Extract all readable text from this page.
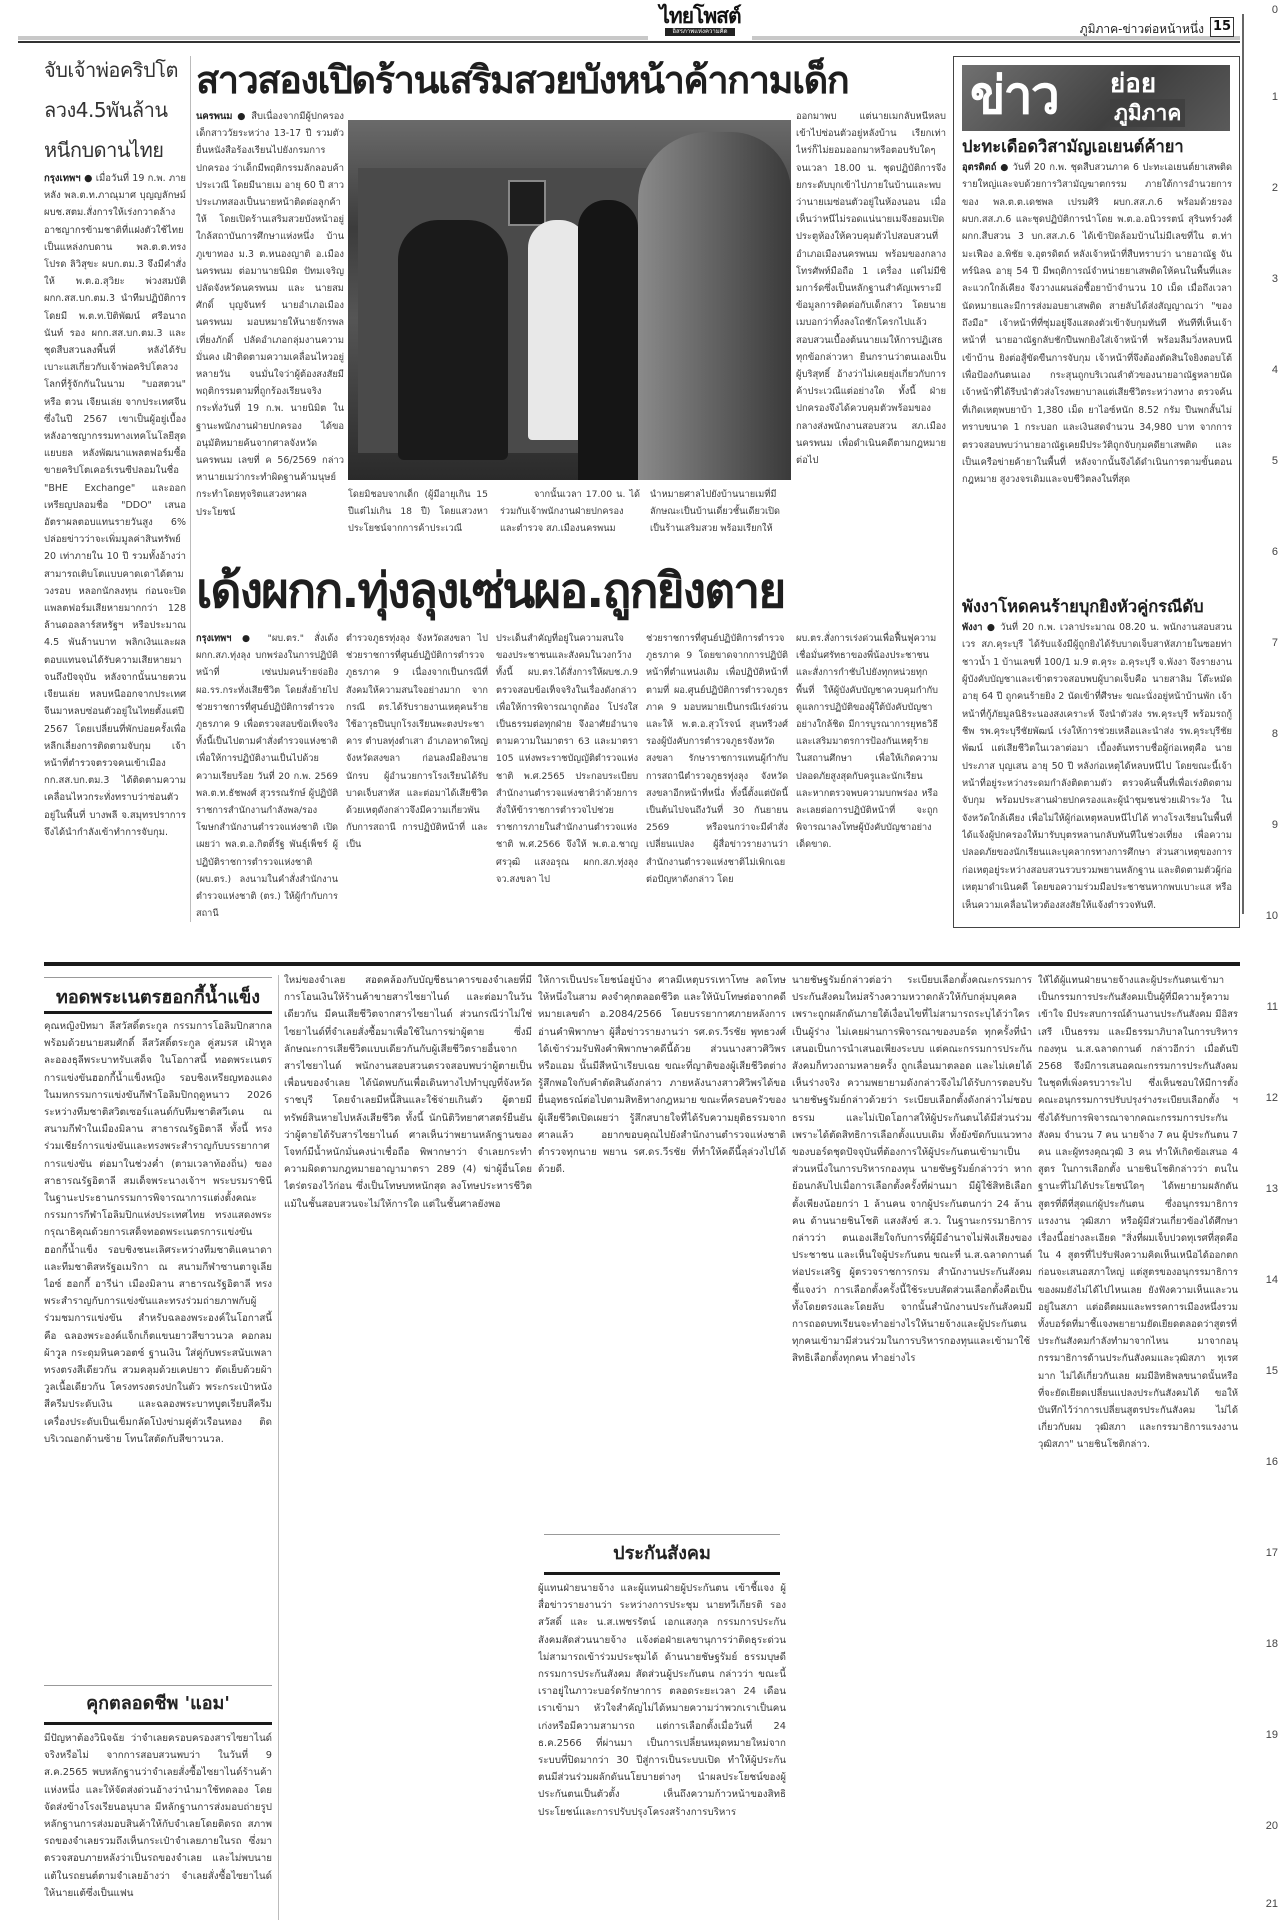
ไทยโพสต์
อิสรภาพแห่งความคิด	ภูมิภาค-ข่าวต่อหน้าหนึ่ง 15
0
1
2
3
4
5
6
7
8
9
10
11
12
13
14
15
16
17
18
19
20
21
จับเจ้าพ่อคริปโต
ลวง4.5พันล้าน
หนีกบดานไทย
กรุงเทพฯ ● เมื่อวันที่ 19 ก.พ. ภายหลัง พล.ต.ท.ภาณุมาศ บุญญลักษม์ ผบช.สตม.สั่งการให้เร่งกวาดล้างอาชญากรข้ามชาติที่แฝงตัวใช้ไทยเป็นแหล่งกบดาน พล.ต.ต.ทรงโปรด ลิวิสุขะ ผบก.ตม.3 จึงมีคำสั่งให้ พ.ต.อ.สุวิยะ พ่วงสมบัติ ผกก.สส.บก.ตม.3 นำทีมปฏิบัติการโดยมี พ.ต.ท.ปิติพัฒน์ ศรีอนาถนันท์ รอง ผกก.สส.บก.ตม.3 และชุดสืบสวนลงพื้นที่ หลังได้รับเบาะแสเกี่ยวกับเจ้าพ่อคริปโตลวงโลกที่รู้จักกันในนาม "บอสตวน" หรือ ตวน เจียนเล่ย จากประเทศจีน ซึ่งในปี 2567 เขาเป็นผู้อยู่เบื้องหลังอาชญากรรมทางเทคโนโลยีสุดแยบยล หลังพัฒนาแพลตฟอร์มซื้อขายคริปโตเคอร์เรนซีปลอมในชื่อ "BHE Exchange" และออกเหรียญปลอมชื่อ "DDO" เสนออัตราผลตอบแทนรายวันสูง 6% ปล่อยข่าวว่าจะเพิ่มมูลค่าสินทรัพย์ 20 เท่าภายใน 10 ปี รวมทั้งอ้างว่าสามารถเติบโตแบบคาดเดาได้ตามวงรอบ หลอกนักลงทุน ก่อนจะปิดแพลตฟอร์มเสียหายมากกว่า 128 ล้านดอลลาร์สหรัฐฯ หรือประมาณ 4.5 พันล้านบาท พลิกเงินและผลตอบแทนจนได้รับความเสียหายมาจนถึงปัจจุบัน หลังจากนั้นนายตวน เจียนเล่ย หลบหนีออกจากประเทศจีนมาหลบซ่อนตัวอยู่ในไทยตั้งแต่ปี 2567 โดยเปลี่ยนที่พักบ่อยครั้งเพื่อหลีกเลี่ยงการติดตามจับกุม เจ้าหน้าที่ตำรวจตรวจคนเข้าเมือง กก.สส.บก.ตม.3 ได้ติดตามความเคลื่อนไหวกระทั่งทราบว่าซ่อนตัวอยู่ในพื้นที่ บางพลี จ.สมุทรปราการ จึงได้นำกำลังเข้าทำการจับกุม.
สาวสองเปิดร้านเสริมสวยบังหน้าค้ากามเด็ก
นครพนม ● สืบเนื่องจากมีผู้ปกครองเด็กสาววัยระหว่าง 13-17 ปี รวมตัวยื่นหนังสือร้องเรียนไปยังกรมการปกครอง ว่าเด็กมีพฤติกรรมลักลอบค้าประเวณี โดยมีนายเม อายุ 60 ปี สาวประเภทสองเป็นนายหน้าติดต่อลูกค้าให้ โดยเปิดร้านเสริมสวยบังหน้าอยู่ใกล้สถาบันการศึกษาแห่งหนึ่ง บ้านภูเขาทอง ม.3 ต.หนองญาติ อ.เมืองนครพนม ต่อมานายนิมิต ปัทมเจริญ ปลัดจังหวัดนครพนม และ นายสมศักดิ์ บุญจันทร์ นายอำเภอเมืองนครพนม มอบหมายให้นายจักรพล เที่ยงภักดิ์ ปลัดอำเภอกลุ่มงานความมั่นคง เฝ้าติดตามความเคลื่อนไหวอยู่หลายวัน จนมั่นใจว่าผู้ต้องสงสัยมีพฤติกรรมตามที่ถูกร้องเรียนจริง กระทั่งวันที่ 19 ก.พ. นายนิมิต ในฐานะพนักงานฝ่ายปกครอง ได้ขออนุมัติหมายค้นจากศาลจังหวัดนครพนม เลขที่ ค 56/2569 กล่าวหานายเมว่ากระทำผิดฐานค้ามนุษย์ กระทำโดยทุจริตแสวงหาผลประโยชน์
โดยมิชอบจากเด็ก (ผู้มีอายุเกิน 15 ปีแต่ไม่เกิน 18 ปี) โดยแสวงหาประโยชน์จากการค้าประเวณี
จากนั้นเวลา 17.00 น. ได้ร่วมกับเจ้าพนักงานฝ่ายปกครอง และตำรวจ สภ.เมืองนครพนม
นำหมายศาลไปยังบ้านนายเมที่มีลักษณะเป็นบ้านเดี่ยวชั้นเดียวเปิดเป็นร้านเสริมสวย พร้อมเรียกให้
ออกมาพบ แต่นายเมกลับหนีหลบเข้าไปซ่อนตัวอยู่หลังบ้าน เรียกเท่าไหร่ก็ไม่ยอมออกมาหรือตอบรับใดๆ จนเวลา 18.00 น. ชุดปฏิบัติการจึงยกระดับบุกเข้าไปภายในบ้านและพบว่านายเมซ่อนตัวอยู่ในห้องนอน เมื่อเห็นว่าหนีไม่รอดแน่นายเมจึงยอมเปิดประตูห้องให้ควบคุมตัวไปสอบสวนที่อำเภอเมืองนครพนม พร้อมของกลางโทรศัพท์มือถือ 1 เครื่อง แต่ไม่มีซิมการ์ดซึ่งเป็นหลักฐานสำคัญเพราะมีข้อมูลการติดต่อกับเด็กสาว โดยนายเมบอกว่าทิ้งลงโถชักโครกไปแล้ว สอบสวนเบื้องต้นนายเมให้การปฏิเสธทุกข้อกล่าวหา ยืนกรานว่าตนเองเป็นผู้บริสุทธิ์ อ้างว่าไม่เคยยุ่งเกี่ยวกับการค้าประเวณีแต่อย่างใด ทั้งนี้ ฝ่ายปกครองจึงได้ควบคุมตัวพร้อมของกลางส่งพนักงานสอบสวน สภ.เมืองนครพนม เพื่อดำเนินคดีตามกฎหมายต่อไป
ข่าว ย่อย
ภูมิภาค
ปะทะเดือดวิสามัญเอเยนต์ค้ายา
อุตรดิตถ์ ● วันที่ 20 ก.พ. ชุดสืบสวนภาค 6 ปะทะเอเยนต์ยาเสพติดรายใหญ่และจบด้วยการวิสามัญฆาตกรรม ภายใต้การอำนวยการของ พล.ต.ต.เดชพล เปรมศิริ ผบก.สส.ภ.6 พร้อมด้วยรอง ผบก.สส.ภ.6 และชุดปฏิบัติการนำโดย พ.ต.อ.อนิวรรตน์ สุรินทร์วงศ์ ผกก.สืบสวน 3 บก.สส.ภ.6 ได้เข้าปิดล้อมบ้านไม่มีเลขที่ใน ต.ท่ามะเฟือง อ.พิชัย จ.อุตรดิตถ์ หลังเจ้าหน้าที่สืบทราบว่า นายอาณัฐ จันทร์นิลฉ อายุ 54 ปี มีพฤติการณ์จำหน่ายยาเสพติดให้คนในพื้นที่และละแวกใกล้เคียง จึงวางแผนล่อซื้อยาบ้าจำนวน 10 เม็ด เมื่อถึงเวลานัดหมายและมีการส่งมอบยาเสพติด สายลับได้ส่งสัญญาณว่า "ของถึงมือ" เจ้าหน้าที่ที่ซุ่มอยู่จึงแสดงตัวเข้าจับกุมทันที ทันทีที่เห็นเจ้าหน้าที่ นายอาณัฐกลับชักปืนพกยิงใส่เจ้าหน้าที่ พร้อมลืมวิ่งหลบหนีเข้าบ้าน ยิงต่อสู้ขัดขืนการจับกุม เจ้าหน้าที่จึงต้องตัดสินใจยิงตอบโต้เพื่อป้องกันตนเอง กระสุนถูกบริเวณลำตัวของนายอาณัฐหลายนัด เจ้าหน้าที่ได้รีบนำตัวส่งโรงพยาบาลแต่เสียชีวิตระหว่างทาง ตรวจค้นที่เกิดเหตุพบยาบ้า 1,380 เม็ด ยาไอซ์หนัก 8.52 กรัม ปืนพกสั้นไม่ทราบขนาด 1 กระบอก และเงินสดจำนวน 34,980 บาท จากการตรวจสอบพบว่านายอาณัฐเคยมีประวัติถูกจับกุมคดียาเสพติด และเป็นเครือข่ายค้ายาในพื้นที่ หลังจากนั้นจึงได้ดำเนินการตามขั้นตอนกฎหมาย สูงวงจรเดิมและจบชีวิตลงในที่สุด
พังงาโหดคนร้ายบุกยิงหัวคู่กรณีดับ
พังงา ● วันที่ 20 ก.พ. เวลาประมาณ 08.20 น. พนักงานสอบสวนเวร สภ.คุระบุรี ได้รับแจ้งมีผู้ถูกยิงได้รับบาดเจ็บสาหัสภายในซอยท่าชาวน้ำ 1 บ้านเลขที่ 100/1 ม.9 ต.คุระ อ.คุระบุรี จ.พังงา จึงรายงานผู้บังคับบัญชาและเข้าตรวจสอบพบผู้บาดเจ็บคือ นายสาลิม โต๊ะหมัด อายุ 64 ปี ถูกคนร้ายยิง 2 นัดเข้าที่ศีรษะ ขณะนั่งอยู่หน้าบ้านพัก เจ้าหน้าที่กู้ภัยมูลนิธิระนองสงเคราะห์ จึงนำตัวส่ง รพ.คุระบุรี พร้อมรถกู้ชีพ รพ.คุระบุรีชัยพัฒน์ เร่งให้การช่วยเหลือและนำส่ง รพ.คุระบุรีชัยพัฒน์ แต่เสียชีวิตในเวลาต่อมา เบื้องต้นทราบชื่อผู้ก่อเหตุคือ นายประภาส บุญเสน อายุ 50 ปี หลังก่อเหตุได้หลบหนีไป โดยขณะนี้เจ้าหน้าที่อยู่ระหว่างระดมกำลังติดตามตัว ตรวจค้นพื้นที่เพื่อเร่งติดตามจับกุม พร้อมประสานฝ่ายปกครองและผู้นำชุมชนช่วยเฝ้าระวัง ในจังหวัดใกล้เคียง เพื่อไม่ให้ผู้ก่อเหตุหลบหนีไปได้ ทางโรงเรียนในพื้นที่ได้แจ้งผู้ปกครองให้มารับบุตรหลานกลับทันทีในช่วงเที่ยง เพื่อความปลอดภัยของนักเรียนและบุคลากรทางการศึกษา ส่วนสาเหตุของการก่อเหตุอยู่ระหว่างสอบสวนรวบรวมพยานหลักฐาน และติดตามตัวผู้ก่อเหตุมาดำเนินคดี โดยขอความร่วมมือประชาชนหากพบเบาะแส หรือเห็นความเคลื่อนไหวต้องสงสัยให้แจ้งตำรวจทันที.
เด้งผกก.ทุ่งลุงเซ่นผอ.ถูกยิงตาย
กรุงเทพฯ ● "ผบ.ตร." สั่งเด้ง ผกก.สภ.ทุ่งลุง บกพร่องในการปฏิบัติหน้าที่ เซ่นปมคนร้ายจ่อยิง ผอ.รร.กระทั่งเสียชีวิต โดยสั่งย้ายไปช่วยราชการที่ศูนย์ปฏิบัติการตำรวจภูธรภาค 9 เพื่อตรวจสอบข้อเท็จจริง ทั้งนี้เป็นไปตามคำสั่งตำรวจแห่งชาติเพื่อให้การปฏิบัติงานเป็นไปด้วยความเรียบร้อย วันที่ 20 ก.พ. 2569 พล.ต.ท.ธัชพงศ์ สุวรรณรักษ์ ผู้ปฏิบัติราชการสำนักงานกำลังพล/รองโฆษกสำนักงานตำรวจแห่งชาติ เปิดเผยว่า พล.ต.อ.กิตติ์รัฐ พันธุ์เพ็ชร์ ผู้ปฏิบัติราชการตำรวจแห่งชาติ (ผบ.ตร.) ลงนามในคำสั่งสำนักงานตำรวจแห่งชาติ (ตร.) ให้ผู้กำกับการสถานี
ตำรวจภูธรทุ่งลุง จังหวัดสงขลา ไปช่วยราชการที่ศูนย์ปฏิบัติการตำรวจภูธรภาค 9 เนื่องจากเป็นกรณีที่สังคมให้ความสนใจอย่างมาก จากกรณี ตร.ได้รับรายงานเหตุคนร้ายใช้อาวุธปืนบุกโรงเรียนพะตงประชาคาร ตำบลทุ่งตำเสา อำเภอหาดใหญ่ จังหวัดสงขลา ก่อนลงมือยิงนายนักรบ ผู้อำนวยการโรงเรียนได้รับบาดเจ็บสาหัส และต่อมาได้เสียชีวิต ด้วยเหตุดังกล่าวจึงมีความเกี่ยวพันกับการสถานี การปฏิบัติหน้าที่ และเป็น
ประเด็นสำคัญที่อยู่ในความสนใจของประชาชนและสังคมในวงกว้าง ทั้งนี้ ผบ.ตร.ได้สั่งการให้ผบช.ภ.9 ตรวจสอบข้อเท็จจริงในเรื่องดังกล่าว เพื่อให้การพิจารณาถูกต้อง โปร่งใส เป็นธรรมต่อทุกฝ่าย จึงอาศัยอำนาจตามความในมาตรา 63 และมาตรา 105 แห่งพระราชบัญญัติตำรวจแห่งชาติ พ.ศ.2565 ประกอบระเบียบสำนักงานตำรวจแห่งชาติว่าด้วยการสั่งให้ข้าราชการตำรวจไปช่วยราชการภายในสำนักงานตำรวจแห่งชาติ พ.ศ.2566 จึงให้ พ.ต.อ.ชาญศรวุฒิ แสงอรุณ ผกก.สภ.ทุ่งลุง จว.สงขลา ไป
ช่วยราชการที่ศูนย์ปฏิบัติการตำรวจภูธรภาค 9 โดยขาดจากการปฏิบัติหน้าที่ตำแหน่งเดิม เพื่อปฏิบัติหน้าที่ตามที่ ผอ.ศูนย์ปฏิบัติการตำรวจภูธรภาค 9 มอบหมายเป็นกรณีเร่งด่วน และให้ พ.ต.อ.สุวโรจน์ สุนทรีวงศ์ รองผู้บังคับการตำรวจภูธรจังหวัดสงขลา รักษาราชการแทนผู้กำกับการสถานีตำรวจภูธรทุ่งลุง จังหวัดสงขลาอีกหน้าที่หนึ่ง ทั้งนี้ตั้งแต่บัดนี้เป็นต้นไปจนถึงวันที่ 30 กันยายน 2569 หรือจนกว่าจะมีคำสั่งเปลี่ยนแปลง ผู้สื่อข่าวรายงานว่า สำนักงานตำรวจแห่งชาติไม่เพิกเฉยต่อปัญหาดังกล่าว โดย
ผบ.ตร.สั่งการเร่งด่วนเพื่อฟื้นฟูความเชื่อมั่นศรัทธาของพี่น้องประชาชน และสั่งการกำชับไปยังทุกหน่วยทุกพื้นที่ ให้ผู้บังคับบัญชาควบคุมกำกับดูแลการปฏิบัติของผู้ใต้บังคับบัญชาอย่างใกล้ชิด มีการบูรณาการยุทธวิธีและเสริมมาตรการป้องกันเหตุร้ายในสถานศึกษา เพื่อให้เกิดความปลอดภัยสูงสุดกับครูและนักเรียน และหากตรวจพบความบกพร่อง หรือละเลยต่อการปฏิบัติหน้าที่ จะถูกพิจารณาลงโทษผู้บังคับบัญชาอย่างเด็ดขาด.
ทอดพระเนตรฮอกกี้น้ำแข็ง
คุณหญิงปัทมา ลีสวัสดิ์ตระกูล กรรมการโอลิมปิกสากล พร้อมด้วยนายสมศักดิ์ ลีสวัสดิ์ตระกูล คู่สมรส เฝ้าทูลละอองธุลีพระบาทรับเสด็จ ในโอกาสนี้ ทอดพระเนตรการแข่งขันฮอกกี้น้ำแข็งหญิง รอบชิงเหรียญทองแดง ในมหกรรมการแข่งขันกีฬาโอลิมปิกฤดูหนาว 2026 ระหว่างทีมชาติสวิตเซอร์แลนด์กับทีมชาติสวีเดน ณ สนามกีฬาในเมืองมิลาน สาธารณรัฐอิตาลี ทั้งนี้ ทรงร่วมเชียร์การแข่งขันและทรงพระสำราญกับบรรยากาศการแข่งขัน ต่อมาในช่วงค่ำ (ตามเวลาท้องถิ่น) ของสาธารณรัฐอิตาลี สมเด็จพระนางเจ้าฯ พระบรมราชินี ในฐานะประธานกรรมการพิจารณาการแต่งตั้งคณะกรรมการกีฬาโอลิมปิกแห่งประเทศไทย ทรงแสดงพระกรุณาธิคุณด้วยการเสด็จทอดพระเนตรการแข่งขันฮอกกี้น้ำแข็ง รอบชิงชนะเลิศระหว่างทีมชาติแคนาดา และทีมชาติสหรัฐอเมริกา ณ สนามกีฬาซานตาจูเลีย ไอซ์ ฮอกกี้ อารีน่า เมืองมิลาน สาธารณรัฐอิตาลี ทรงพระสำราญกับการแข่งขันและทรงร่วมถ่ายภาพกับผู้ร่วมชมการแข่งขัน สำหรับฉลองพระองค์ในโอกาสนี้ คือ ฉลองพระองค์แจ็กเก็ตแขนยาวสีขาวนวล คอกลม ผ้าวูล กระดุมหินควอตซ์ ฐานเงิน ใส่คู่กับพระสนับเพลา ทรงตรงสีเดียวกัน สวมคลุมด้วยเคปยาว ตัดเย็บด้วยผ้าวูลเนื้อเดียวกัน โครงทรงตรงปกในตัว พระกระเป๋าหนังสีครีมประดับเงิน และฉลองพระบาทบูตเรียบสีครีม เครื่องประดับเป็นเข็มกลัดโป่งข่ามคู่ตัวเรือนทอง ติดบริเวณอกด้านซ้าย โทนใสตัดกับสีขาวนวล.
คุกตลอดชีพ 'แอม'
มีปัญหาต้องวินิจฉัย ว่าจำเลยครอบครองสารไซยาไนด์จริงหรือไม่ จากการสอบสวนพบว่า ในวันที่ 9 ส.ค.2565 พบหลักฐานว่าจำเลยสั่งซื้อไซยาไนด์ร้านค้าแห่งหนึ่ง และให้จัดส่งด่วนอ้างว่านำมาใช้ทดลอง โดยจัดส่งข้างโรงเรียนอนุบาล มีหลักฐานการส่งมอบถ่ายรูปหลักฐานการส่งมอบสินค้าให้กับจำเลยโดยติดรถ สภาพรถของจำเลยรวมถึงเห็นกระเป๋าจำเลยภายในรถ ซึ่งมาตรวจสอบภายหลังว่าเป็นรถของจำเลย และไม่พบนายแต้ในรถยนต์ตามจำเลยอ้างว่า จำเลยสั่งซื้อไซยาไนด์ให้นายแต้ซึ่งเป็นแฟน
ใหม่ของจำเลย สอดคล้องกับบัญชีธนาคารของจำเลยที่มีการโอนเงินให้ร้านค้าขายสารไซยาไนด์ และต่อมาในวันเดียวกัน มีคนเสียชีวิตจากสารไซยาไนด์ ส่วนกรณีว่าไม่ใช่ไซยาไนด์ที่จำเลยสั่งซื้อมาเพื่อใช้ในการฆ่าผู้ตาย ซึ่งมีลักษณะการเสียชีวิตแบบเดียวกันกับผู้เสียชีวิตรายอื่นจากสารไซยาไนด์ พนักงานสอบสวนตรวจสอบพบว่าผู้ตายเป็นเพื่อนของจำเลย ได้นัดพบกันเพื่อเดินทางไปทำบุญที่จังหวัดราชบุรี โดยจำเลยมีหนี้สินและใช้จ่ายเกินตัว ผู้ตายมีทรัพย์สินหายไปหลังเสียชีวิต ทั้งนี้ นักนิติวิทยาศาสตร์ยืนยันว่าผู้ตายได้รับสารไซยาไนด์ ศาลเห็นว่าพยานหลักฐานของโจทก์มีน้ำหนักมั่นคงน่าเชื่อถือ พิพากษาว่า จำเลยกระทำความผิดตามกฎหมายอาญามาตรา 289 (4) ฆ่าผู้อื่นโดยไตร่ตรองไว้ก่อน ซึ่งเป็นโทษบทหนักสุด ลงโทษประหารชีวิต แม้ในชั้นสอบสวนจะไม่ให้การใด แต่ในชั้นศาลยังพอ
ให้การเป็นประโยชน์อยู่บ้าง ศาลมีเหตุบรรเทาโทษ ลดโทษให้หนึ่งในสาม คงจำคุกตลอดชีวิต และให้นับโทษต่อจากคดีหมายเลขดำ อ.2084/2566 โดยบรรยากาศภายหลังการอ่านคำพิพากษา ผู้สื่อข่าวรายงานว่า รศ.ดร.วีรชัย พุทธวงศ์ ได้เข้าร่วมรับฟังคำพิพากษาคดีนี้ด้วย ส่วนนางสาวศิวิพร หรือแอม นั้นมีสีหน้าเรียบเฉย ขณะที่ญาติของผู้เสียชีวิตต่างรู้สึกพอใจกับคำตัดสินดังกล่าว ภายหลังนางสาวศิวิพรได้ขอยื่นอุทธรณ์ต่อไปตามสิทธิทางกฎหมาย ขณะที่ครอบครัวของผู้เสียชีวิตเปิดเผยว่า รู้สึกสบายใจที่ได้รับความยุติธรรมจากศาลแล้ว อยากขอบคุณไปยังสำนักงานตำรวจแห่งชาติ ตำรวจทุกนาย พยาน รศ.ดร.วีรชัย ที่ทำให้คดีนี้ลุล่วงไปได้ด้วยดี.
ประกันสังคม
ผู้แทนฝ่ายนายจ้าง และผู้แทนฝ่ายผู้ประกันตน เข้าชี้แจง ผู้สื่อข่าวรายงานว่า ระหว่างการประชุม นายทวีเกียรติ รองสวัสดิ์ และ น.ส.เพชรรัตน์ เอกแสงกุล กรรมการประกันสังคมสัดส่วนนายจ้าง แจ้งต่อฝ่ายเลขานุการว่าติดธุระด่วน ไม่สามารถเข้าร่วมประชุมได้ ด้านนายชัษฐรัมย์ ธรรมบุษดี กรรมการประกันสังคม สัดส่วนผู้ประกันตน กล่าวว่า ขณะนี้เราอยู่ในภาวะบอร์ดรักษาการ ตลอดระยะเวลา 24 เดือนเราเข้ามา หัวใจสำคัญไม่ได้หมายความว่าพวกเราเป็นคนเก่งหรือมีความสามารถ แต่การเลือกตั้งเมื่อวันที่ 24 ธ.ค.2566 ที่ผ่านมา เป็นการเปลี่ยนหมุดหมายใหม่จากระบบที่ปิดมากว่า 30 ปีสู่การเป็นระบบเปิด ทำให้ผู้ประกันตนมีส่วนร่วมผลักดันนโยบายต่างๆ นำผลประโยชน์ของผู้ประกันตนเป็นตัวตั้ง เห็นถึงความก้าวหน้าของสิทธิประโยชน์และการปรับปรุงโครงสร้างการบริหาร
นายชัษฐรัมย์กล่าวต่อว่า ระเบียบเลือกตั้งคณะกรรมการประกันสังคมใหม่สร้างความหวาดกลัวให้กับกลุ่มบุคคล เพราะถูกผลักดันภายใต้เงื่อนไขที่ไม่สามารถระบุได้ว่าใครเป็นผู้ร่าง ไม่เคยผ่านการพิจารณาของบอร์ด ทุกครั้งที่นำเสนอเป็นการนำเสนอเพียงระบบ แต่คณะกรรมการประกันสังคมก็ทวงถามหลายครั้ง ถูกเลื่อนมาตลอด และไม่เคยได้เห็นร่างจริง ความพยายามดังกล่าวจึงไม่ได้รับการตอบรับ นายชัษฐรัมย์กล่าวด้วยว่า ระเบียบเลือกตั้งดังกล่าวไม่ชอบธรรม และไม่เปิดโอกาสให้ผู้ประกันตนได้มีส่วนร่วม เพราะได้ตัดสิทธิการเลือกตั้งแบบเดิม ทั้งยังขัดกับแนวทางของบอร์ดชุดปัจจุบันที่ต้องการให้ผู้ประกันตนเข้ามาเป็นส่วนหนึ่งในการบริหารกองทุน นายชัษฐรัมย์กล่าวว่า หากย้อนกลับไปเมื่อการเลือกตั้งครั้งที่ผ่านมา มีผู้ใช้สิทธิเลือกตั้งเพียงน้อยกว่า 1 ล้านคน จากผู้ประกันตนกว่า 24 ล้านคน ด้านนายชินโชติ แสงสังข์ ส.ว. ในฐานะกรรมาธิการ กล่าวว่า ตนเองเสียใจกับการที่ผู้มีอำนาจไม่ฟังเสียงของประชาชน และเห็นใจผู้ประกันตน ขณะที่ น.ส.ฉลาดกานต์ ห่อประเสริฐ ผู้ตรวจราชการกรม สำนักงานประกันสังคม ชี้แจงว่า การเลือกตั้งครั้งนี้ใช้ระบบสัดส่วนเลือกตั้งคือเป็นทั้งโดยตรงและโดยลับ จากนั้นสำนักงานประกันสังคมมีการถอดบทเรียนจะทำอย่างไรให้นายจ้างและผู้ประกันตนทุกคนเข้ามามีส่วนร่วมในการบริหารกองทุนและเข้ามาใช้สิทธิเลือกตั้งทุกคน ทำอย่างไร
ให้ได้ผู้แทนฝ่ายนายจ้างและผู้ประกันตนเข้ามาเป็นกรรมการประกันสังคมเป็นผู้ที่มีความรู้ความเข้าใจ มีประสบการณ์ด้านงานประกันสังคม มีอิสรเสรี เป็นธรรม และมีธรรมาภิบาลในการบริหารกองทุน น.ส.ฉลาดกานต์ กล่าวอีกว่า เมื่อต้นปี 2568 จึงมีการเสนอคณะกรรมการประกันสังคมในชุดที่เพิ่งครบวาระไป ซึ่งเห็นชอบให้มีการตั้งคณะอนุกรรมการปรับปรุงร่างระเบียบเลือกตั้ง ฯ ซึ่งได้รับการพิจารณาจากคณะกรรมการประกันสังคม จำนวน 7 คน นายจ้าง 7 คน ผู้ประกันตน 7 คน และผู้ทรงคุณวุฒิ 3 คน ทำให้เกิดข้อเสนอ 4 สูตร ในการเลือกตั้ง นายชินโชติกล่าวว่า ตนในฐานะที่ไม่ได้ประโยชน์ใดๆ ได้พยายามผลักดันสูตรที่ดีที่สุดแก่ผู้ประกันตน ซึ่งอนุกรรมาธิการแรงงาน วุฒิสภา หรือผู้มีส่วนเกี่ยวข้องได้ศึกษาเรื่องนี้อย่างละเอียด "สิ่งที่ผมเจ็บปวดทุเรศที่สุดคือใน 4 สูตรที่ไปรับฟังความคิดเห็นเหนือได้ออกตก ก่อนจะเสนอสภาใหญ่ แต่สูตรของอนุกรรมาธิการของผมยังไม่ได้ไปไหนเลย ยังฟังความเห็นและวนอยู่ในสภา แต่อดีตผมและพรรคการเมืองหนึ่งรวมทั้งบอร์ดที่มาชี้แจงพยายามยัดเยียดตลอดว่าสูตรที่ประกันสังคมกำลังทำมาจากไหน มาจากอนุกรรมาธิการด้านประกันสังคมและวุฒิสภา ทุเรศมาก ไม่ได้เกี่ยวกันเลย ผมมีอิทธิพลขนาดนั้นหรือ ที่จะยัดเยียดเปลี่ยนแปลงประกันสังคมได้ ขอให้บันทึกไว้ว่าการเปลี่ยนสูตรประกันสังคม ไม่ได้เกี่ยวกับผม วุฒิสภา และกรรมาธิการแรงงานวุฒิสภา" นายชินโชติกล่าว.
